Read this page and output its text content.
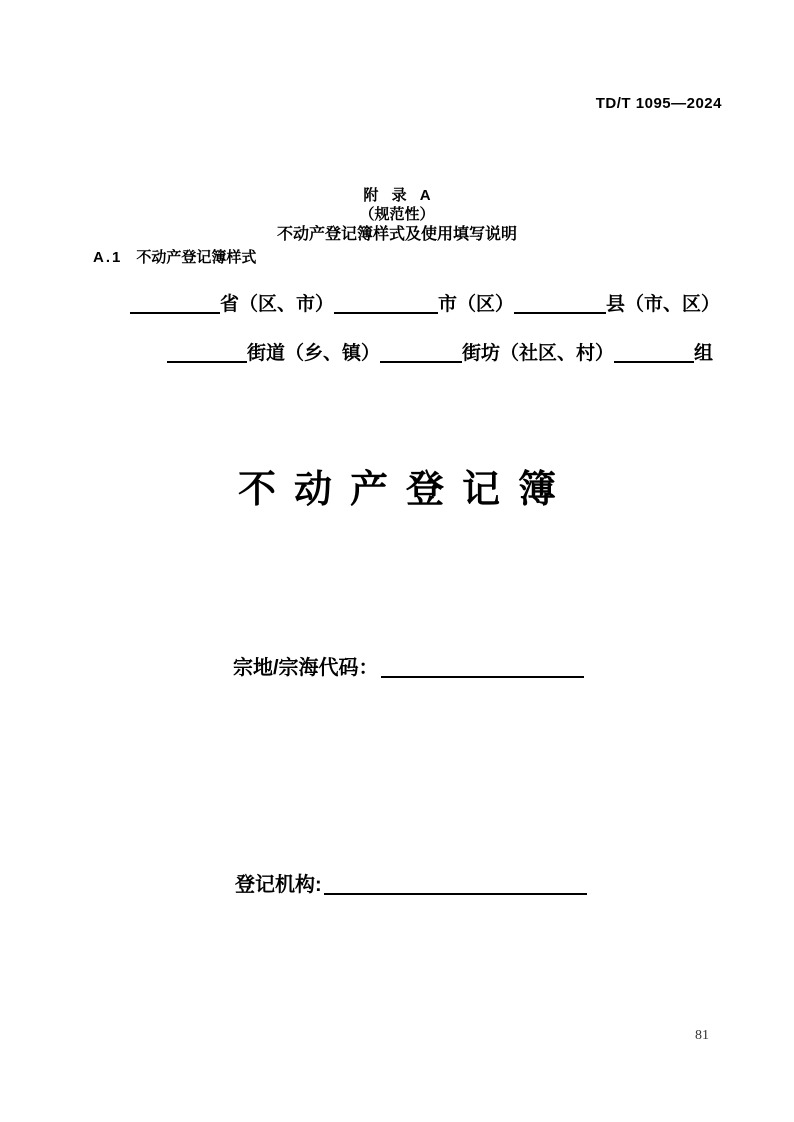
TD/T 1095—2024
附 录 A
（规范性）
不动产登记簿样式及使用填写说明
A.1 不动产登记簿样式
省（区、市）	市（区）	县（市、区）
街道（乡、镇）	街坊（社区、村）	组
不动产登记簿
宗地/宗海代码：
登记机构:
81
